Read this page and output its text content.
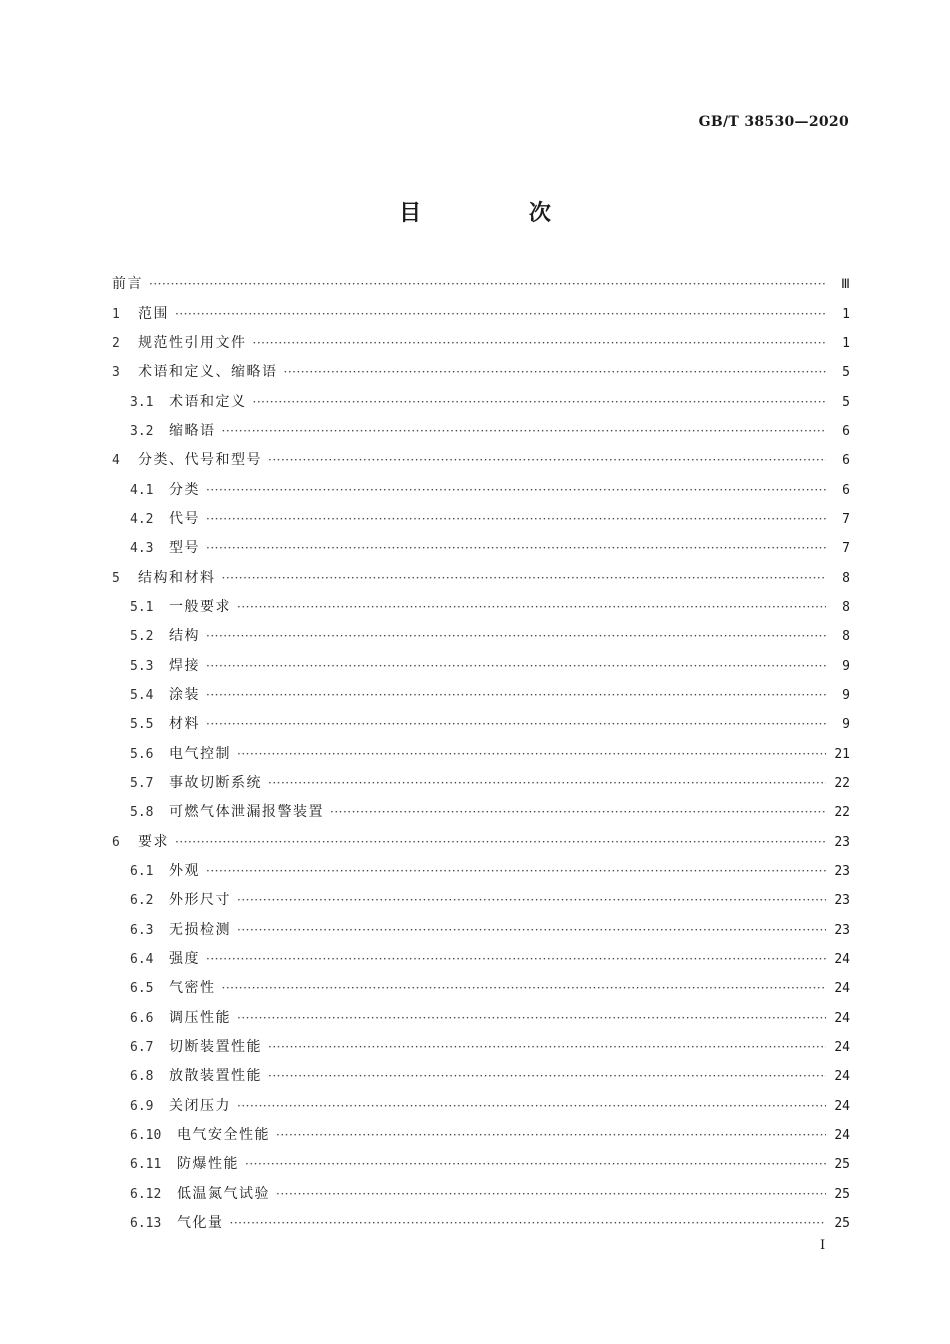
GB/T 38530—2020
目 次
前言 ·····	Ⅲ
1	范围 ·····	1
2	规范性引用文件 ·····	1
3	术语和定义、缩略语 ·····	5
3.1	术语和定义 ·····	5
3.2	缩略语 ·····	6
4	分类、代号和型号 ·····	6
4.1	分类 ·····	6
4.2	代号 ·····	7
4.3	型号 ·····	7
5	结构和材料 ·····	8
5.1	一般要求 ·····	8
5.2	结构 ·····	8
5.3	焊接 ·····	9
5.4	涂装 ·····	9
5.5	材料 ·····	9
5.6	电气控制 ·····	21
5.7	事故切断系统 ·····	22
5.8	可燃气体泄漏报警装置 ·····	22
6	要求 ·····	23
6.1	外观 ·····	23
6.2	外形尺寸 ·····	23
6.3	无损检测 ·····	23
6.4	强度 ·····	24
6.5	气密性 ·····	24
6.6	调压性能 ·····	24
6.7	切断装置性能 ·····	24
6.8	放散装置性能 ·····	24
6.9	关闭压力 ·····	24
6.10	电气安全性能 ·····	24
6.11	防爆性能 ·····	25
6.12	低温氮气试验 ·····	25
6.13	气化量 ·····	25
I
